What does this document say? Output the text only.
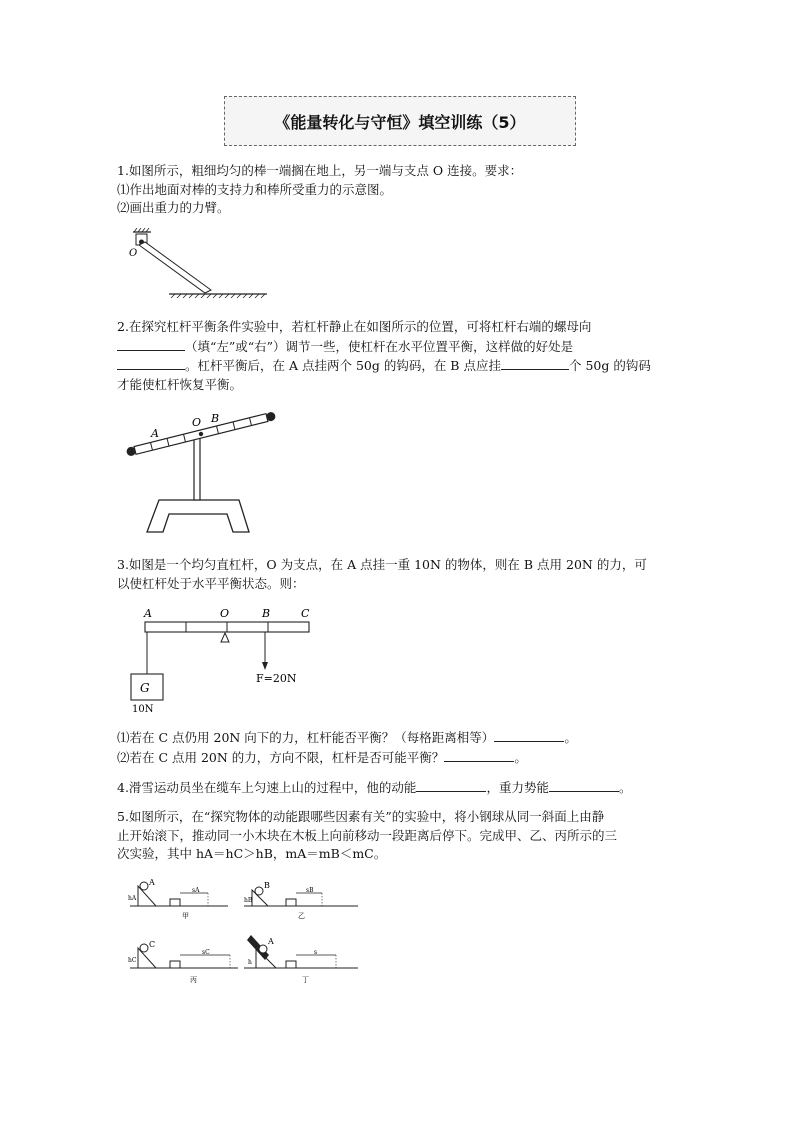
《能量转化与守恒》填空训练（5）
1.如图所示，粗细均匀的棒一端搁在地上，另一端与支点 O 连接。要求：
⑴作出地面对棒的支持力和棒所受重力的示意图。
⑵画出重力的力臂。
O
2.在探究杠杆平衡条件实验中，若杠杆静止在如图所示的位置，可将杠杆右端的螺母向
（填“左”或“右”）调节一些，使杠杆在水平位置平衡，这样做的好处是
。杠杆平衡后，在 A 点挂两个 50g 的钩码，在 B 点应挂	个 50g 的钩码
才能使杠杆恢复平衡。
A
O B
3.如图是一个均匀直杠杆，O 为支点，在 A 点挂一重 10N 的物体，则在 B 点用 20N 的力，可
以使杠杆处于水平平衡状态。则：
A	O	B	C
G
10N
F=20N
⑴若在 C 点仍用 20N 向下的力，杠杆能否平衡？（每格距离相等）	。
⑵若在 C 点用 20N 的力，方向不限，杠杆是否可能平衡？	。
4.滑雪运动员坐在缆车上匀速上山的过程中，他的动能	，重力势能	。
5.如图所示，在“探究物体的动能跟哪些因素有关”的实验中，将小钢球从同一斜面上由静
止开始滚下，推动同一小木块在木板上向前移动一段距离后停下。完成甲、乙、丙所示的三
次实验，其中 hA＝hC＞hB，mA＝mB＜mC。
A
hA
sA
甲
B
hB
sB
乙
C
hC
sC
丙
A
h
s
丁
